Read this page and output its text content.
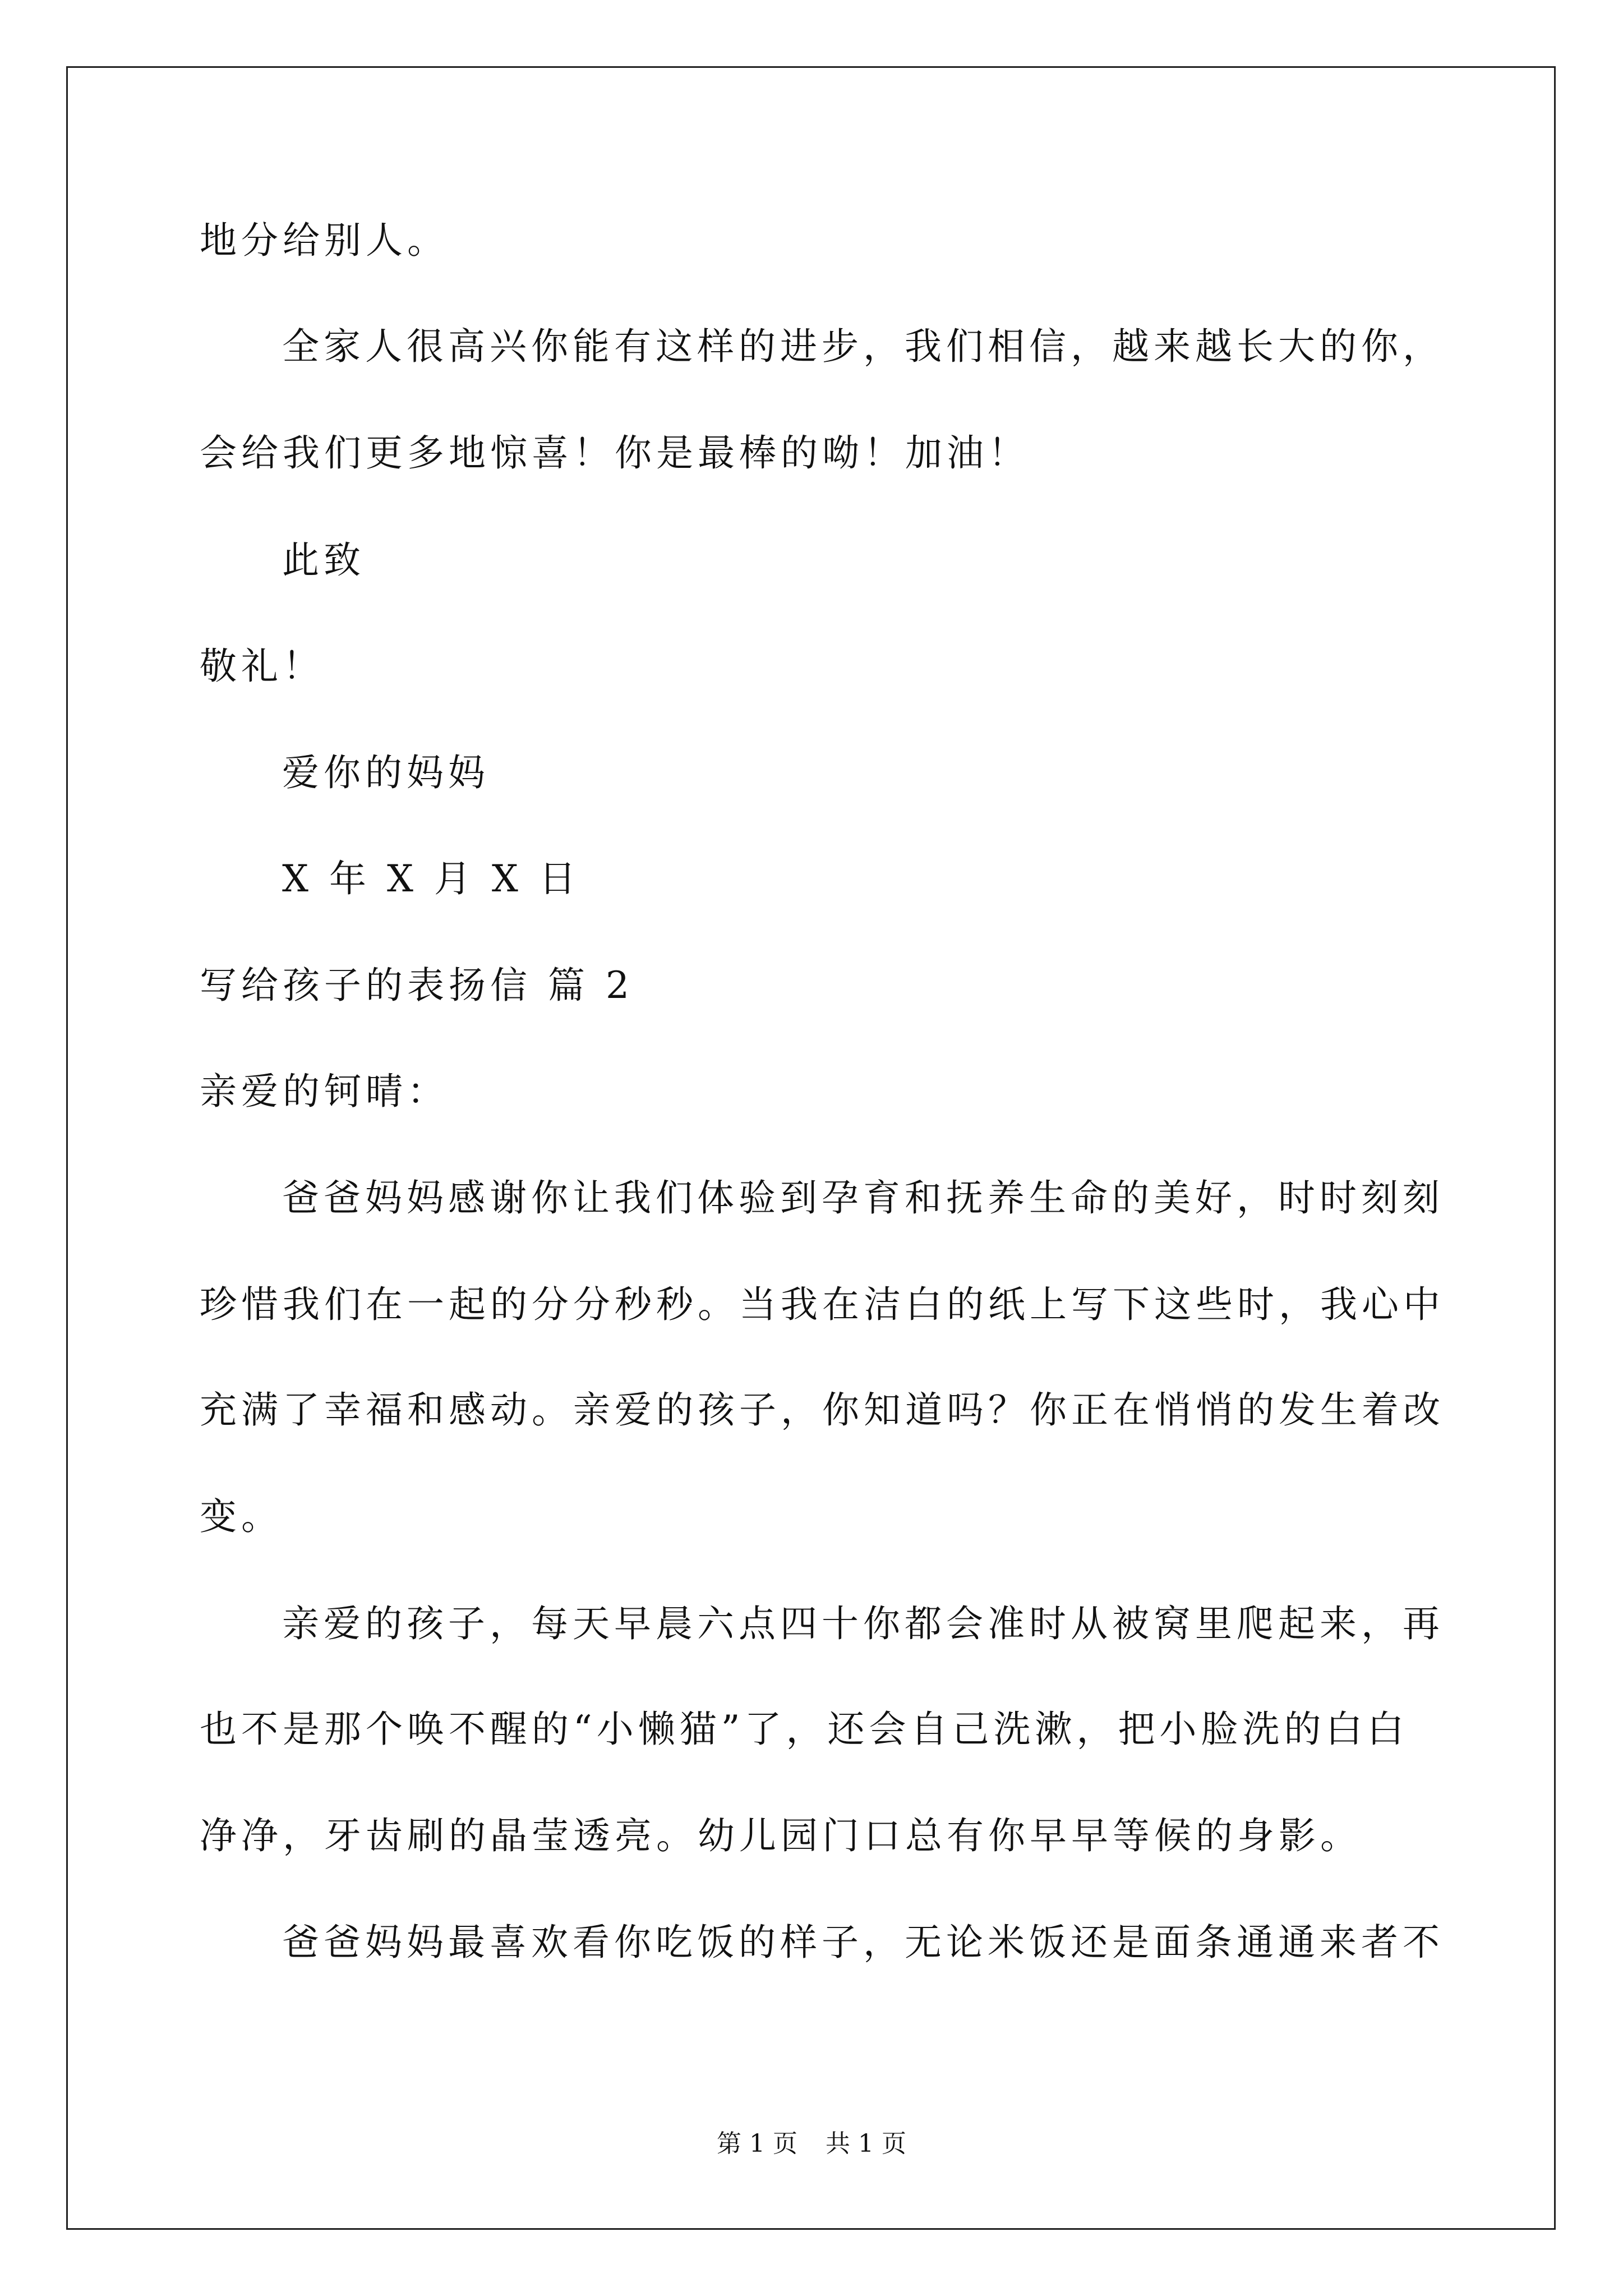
地分给别人。
全家人很高兴你能有这样的进步，我们相信，越来越长大的你，
会给我们更多地惊喜！你是最棒的呦！加油！
此致
敬礼！
爱你的妈妈
X 年 X 月 X 日
写给孩子的表扬信 篇 2
亲爱的钶晴：
爸爸妈妈感谢你让我们体验到孕育和抚养生命的美好，时时刻刻
珍惜我们在一起的分分秒秒。当我在洁白的纸上写下这些时，我心中
充满了幸福和感动。亲爱的孩子，你知道吗？你正在悄悄的发生着改
变。
亲爱的孩子，每天早晨六点四十你都会准时从被窝里爬起来，再
也不是那个唤不醒的“小懒猫”了，还会自己洗漱，把小脸洗的白白
净净，牙齿刷的晶莹透亮。幼儿园门口总有你早早等候的身影。
爸爸妈妈最喜欢看你吃饭的样子，无论米饭还是面条通通来者不
第 1 页 共 1 页
